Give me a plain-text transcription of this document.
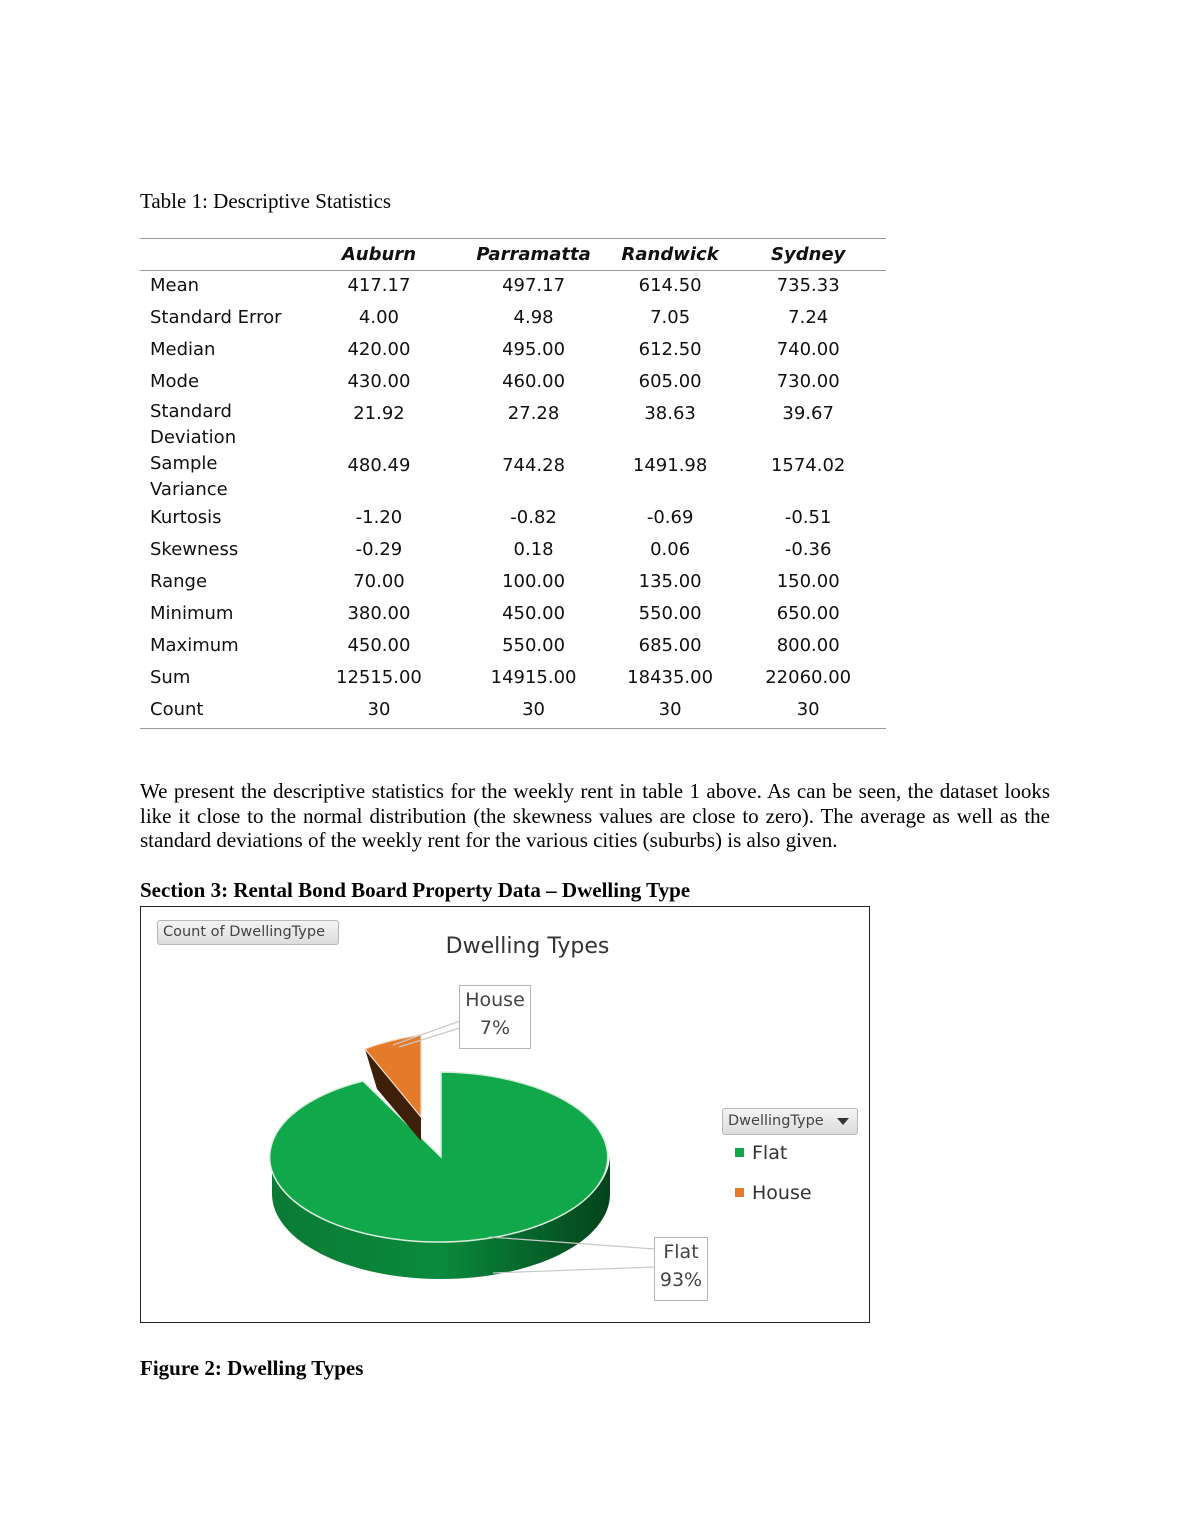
Table 1: Descriptive Statistics
	Auburn	Parramatta	Randwick	Sydney
Mean	417.17	497.17	614.50	735.33
Standard Error	4.00	4.98	7.05	7.24
Median	420.00	495.00	612.50	740.00
Mode	430.00	460.00	605.00	730.00
Standard Deviation	21.92	27.28	38.63	39.67
Sample Variance	480.49	744.28	1491.98	1574.02
Kurtosis	-1.20	-0.82	-0.69	-0.51
Skewness	-0.29	0.18	0.06	-0.36
Range	70.00	100.00	135.00	150.00
Minimum	380.00	450.00	550.00	650.00
Maximum	450.00	550.00	685.00	800.00
Sum	12515.00	14915.00	18435.00	22060.00
Count	30	30	30	30
We present the descriptive statistics for the weekly rent in table 1 above. As can be seen, the dataset looks like it close to the normal distribution (the skewness values are close to zero). The average as well as the standard deviations of the weekly rent for the various cities (suburbs) is also given.
Section 3: Rental Bond Board Property Data – Dwelling Type
Count of DwellingType
Dwelling Types
House
7%
Flat
93%
DwellingType
Flat
House
Figure 2: Dwelling Types
